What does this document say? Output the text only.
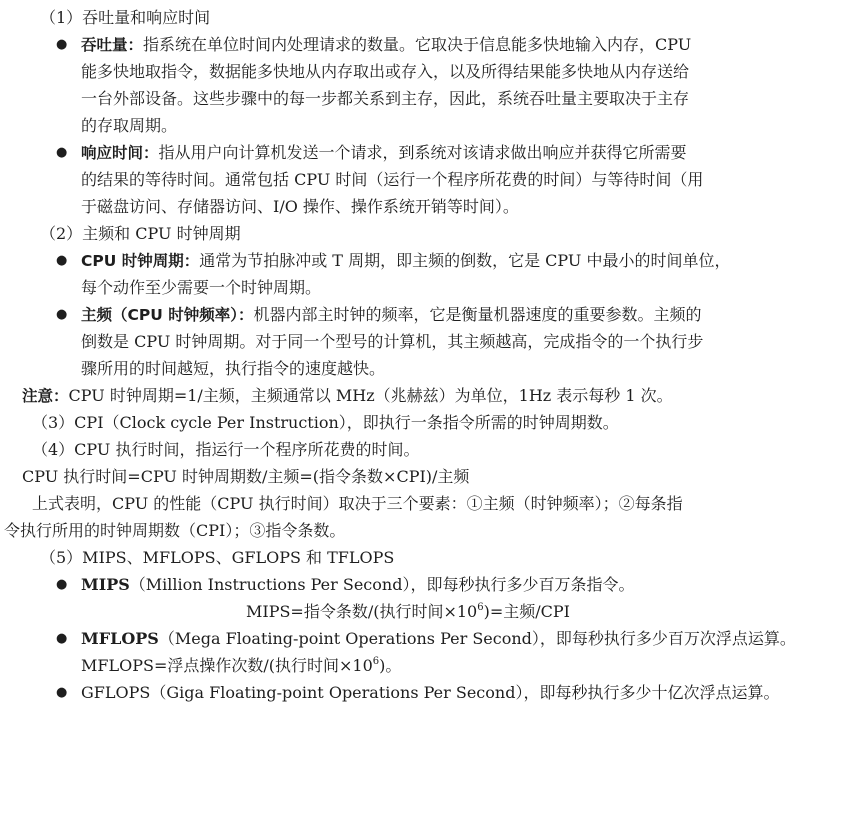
（1）吞吐量和响应时间
● 吞吐量：指系统在单位时间内处理请求的数量。它取决于信息能多快地输入内存，CPU
能多快地取指令，数据能多快地从内存取出或存入，以及所得结果能多快地从内存送给
一台外部设备。这些步骤中的每一步都关系到主存，因此，系统吞吐量主要取决于主存
的存取周期。
● 响应时间：指从用户向计算机发送一个请求，到系统对该请求做出响应并获得它所需要
的结果的等待时间。通常包括 CPU 时间（运行一个程序所花费的时间）与等待时间（用
于磁盘访问、存储器访问、I/O 操作、操作系统开销等时间）。
（2）主频和 CPU 时钟周期
● CPU 时钟周期：通常为节拍脉冲或 T 周期，即主频的倒数，它是 CPU 中最小的时间单位，
每个动作至少需要一个时钟周期。
● 主频（CPU 时钟频率）：机器内部主时钟的频率，它是衡量机器速度的重要参数。主频的
倒数是 CPU 时钟周期。对于同一个型号的计算机，其主频越高，完成指令的一个执行步
骤所用的时间越短，执行指令的速度越快。
注意：CPU 时钟周期=1/主频，主频通常以 MHz（兆赫兹）为单位，1Hz 表示每秒 1 次。
（3）CPI（Clock cycle Per Instruction），即执行一条指令所需的时钟周期数。
（4）CPU 执行时间，指运行一个程序所花费的时间。
CPU 执行时间=CPU 时钟周期数/主频=(指令条数×CPI)/主频
上式表明，CPU 的性能（CPU 执行时间）取决于三个要素：①主频（时钟频率）；②每条指
令执行所用的时钟周期数（CPI）；③指令条数。
（5）MIPS、MFLOPS、GFLOPS 和 TFLOPS
● MIPS（Million Instructions Per Second），即每秒执行多少百万条指令。
MIPS=指令条数/(执行时间$\times 10^6)=$主频/CPI
● MFLOPS（Mega Floating-point Operations Per Second），即每秒执行多少百万次浮点运算。
MFLOPS=浮点操作次数/(执行时间$\times 10^6$)。
● GFLOPS（Giga Floating-point Operations Per Second），即每秒执行多少十亿次浮点运算。
